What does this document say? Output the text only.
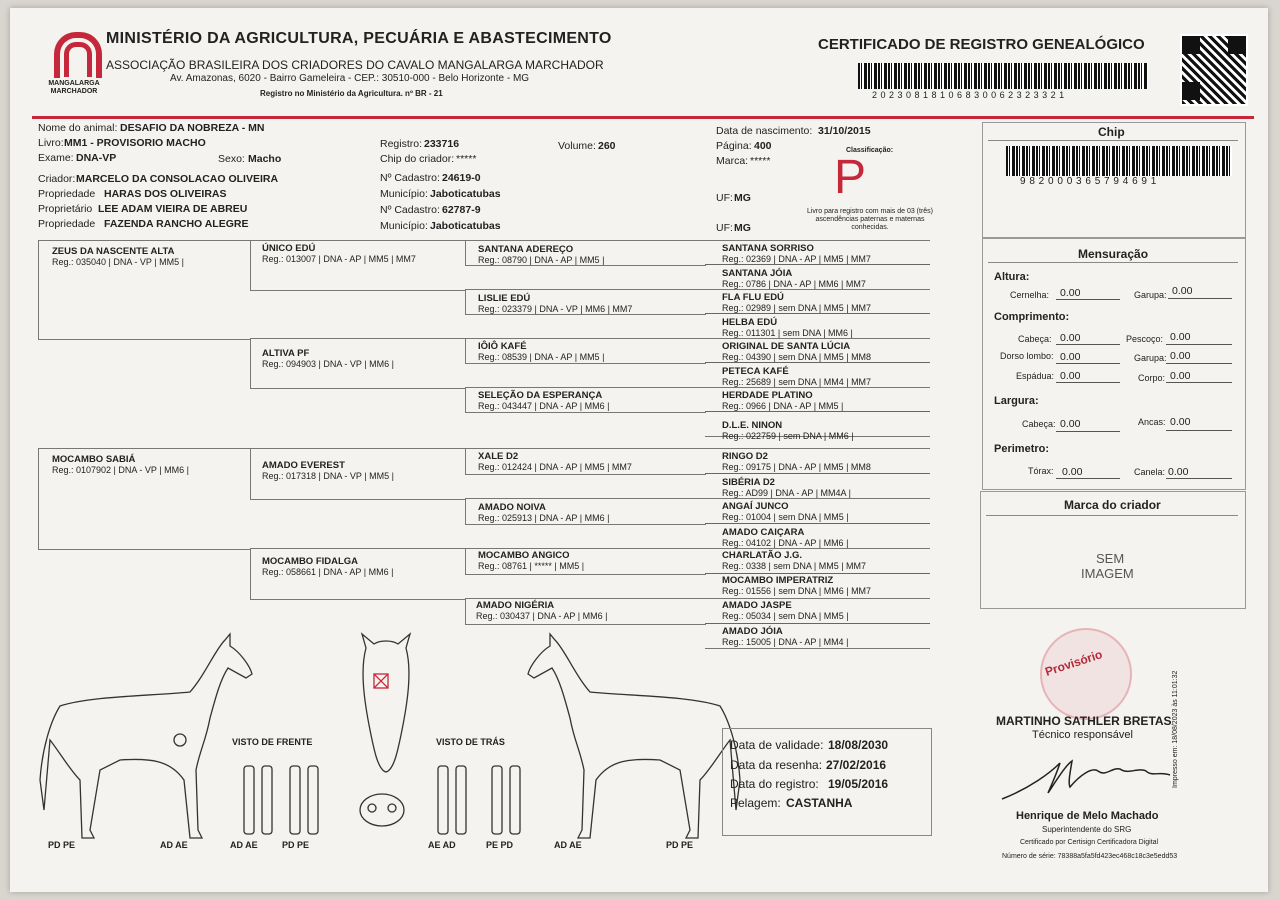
MANGALARGA MARCHADOR
MINISTÉRIO DA AGRICULTURA, PECUÁRIA E ABASTECIMENTO
ASSOCIAÇÃO BRASILEIRA DOS CRIADORES DO CAVALO MANGALARGA MARCHADOR
Av. Amazonas, 6020 - Bairro Gameleira - CEP.: 30510-000 - Belo Horizonte - MG
Registro no Ministério da Agricultura. nº BR - 21
CERTIFICADO DE REGISTRO GENEALÓGICO
2 0 2 3 0 8 1 8 1 0 6 8 3 0 0 6 2 3 2 3 3 2 1
Nome do animal: DESAFIO DA NOBREZA - MN
Livro: MM1 - PROVISORIO MACHO
Exame: DNA-VP	Sexo: Macho
Criador: MARCELO DA CONSOLACAO OLIVEIRA
Propriedade HARAS DOS OLIVEIRAS
Proprietário LEE ADAM VIEIRA DE ABREU
Propriedade FAZENDA RANCHO ALEGRE
Registro: 233716	Volume: 260
Chip do criador: *****
Nº Cadastro: 24619-0
Município: Jaboticatubas
Nº Cadastro: 62787-9
Município: Jaboticatubas
Data de nascimento: 31/10/2015
Página: 400
Marca: *****
UF: MG
UF: MG
Classificação:
P
Livro para registro com mais de 03 (três) ascendências paternas e maternas conhecidas.
ZEUS DA NASCENTE ALTA
Reg.: 035040 | DNA - VP | MM5 |
MOCAMBO SABIÁ
Reg.: 0107902 | DNA - VP | MM6 |
ÚNICO EDÚ
Reg.: 013007 | DNA - AP | MM5 | MM7
ALTIVA PF
Reg.: 094903 | DNA - VP | MM6 |
AMADO EVEREST
Reg.: 017318 | DNA - VP | MM5 |
MOCAMBO FIDALGA
Reg.: 058661 | DNA - AP | MM6 |
SANTANA ADEREÇO
Reg.: 08790 | DNA - AP | MM5 |
LISLIE EDÚ
Reg.: 023379 | DNA - VP | MM6 | MM7
IÔIÔ KAFÉ
Reg.: 08539 | DNA - AP | MM5 |
SELEÇÃO DA ESPERANÇA
Reg.: 043447 | DNA - AP | MM6 |
XALE D2
Reg.: 012424 | DNA - AP | MM5 | MM7
AMADO NOIVA
Reg.: 025913 | DNA - AP | MM6 |
MOCAMBO ANGICO
Reg.: 08761 | ***** | MM5 |
AMADO NIGÉRIA
Reg.: 030437 | DNA - AP | MM6 |
SANTANA SORRISO
Reg.: 02369 | DNA - AP | MM5 | MM7
SANTANA JÓIA
Reg.: 0786 | DNA - AP | MM6 | MM7
FLA FLU EDÚ
Reg.: 02989 | sem DNA | MM5 | MM7
HELBA EDÚ
Reg.: 011301 | sem DNA | MM6 |
ORIGINAL DE SANTA LÚCIA
Reg.: 04390 | sem DNA | MM5 | MM8
PETECA KAFÉ
Reg.: 25689 | sem DNA | MM4 | MM7
HERDADE PLATINO
Reg.: 0966 | DNA - AP | MM5 |
D.L.E. NINON
Reg.: 022759 | sem DNA | MM6 |
RINGO D2
Reg.: 09175 | DNA - AP | MM5 | MM8
SIBÉRIA D2
Reg.: AD99 | DNA - AP | MM4A |
ANGAÍ JUNCO
Reg.: 01004 | sem DNA | MM5 |
AMADO CAIÇARA
Reg.: 04102 | DNA - AP | MM6 |
CHARLATÃO J.G.
Reg.: 0338 | sem DNA | MM5 | MM7
MOCAMBO IMPERATRIZ
Reg.: 01556 | sem DNA | MM6 | MM7
AMADO JASPE
Reg.: 05034 | sem DNA | MM5 |
AMADO JÓIA
Reg.: 15005 | DNA - AP | MM4 |
Chip
9 8 2 0 0 0 3 6 5 7 9 4 6 9 1
Mensuração
Altura:
Cernelha: 0.00	Garupa: 0.00
Comprimento:
Cabeça: 0.00	Pescoço: 0.00
Dorso lombo: 0.00	Garupa: 0.00
Espádua: 0.00	Corpo: 0.00
Largura:
Cabeça: 0.00	Ancas: 0.00
Perimetro:
Tórax: 0.00	Canela: 0.00
Marca do criador
SEM
IMAGEM
VISTO DE FRENTE	VISTO DE TRÁS
PD PE	AD AE	AD AE	PD PE	AE AD	PE PD	AD AE	PD PE
Data de validade: 18/08/2030
Data da resenha: 27/02/2016
Data do registro: 19/05/2016
Pelagem: CASTANHA
Provisório
MARTINHO SATHLER BRETAS
Técnico responsável
Henrique de Melo Machado
Superintendente do SRG
Certificado por Certisign Certificadora Digital
Número de série: 78388a5fa5fd423ec468c18c3e5edd53
Impresso em: 18/08/2023 às 11:01:32
